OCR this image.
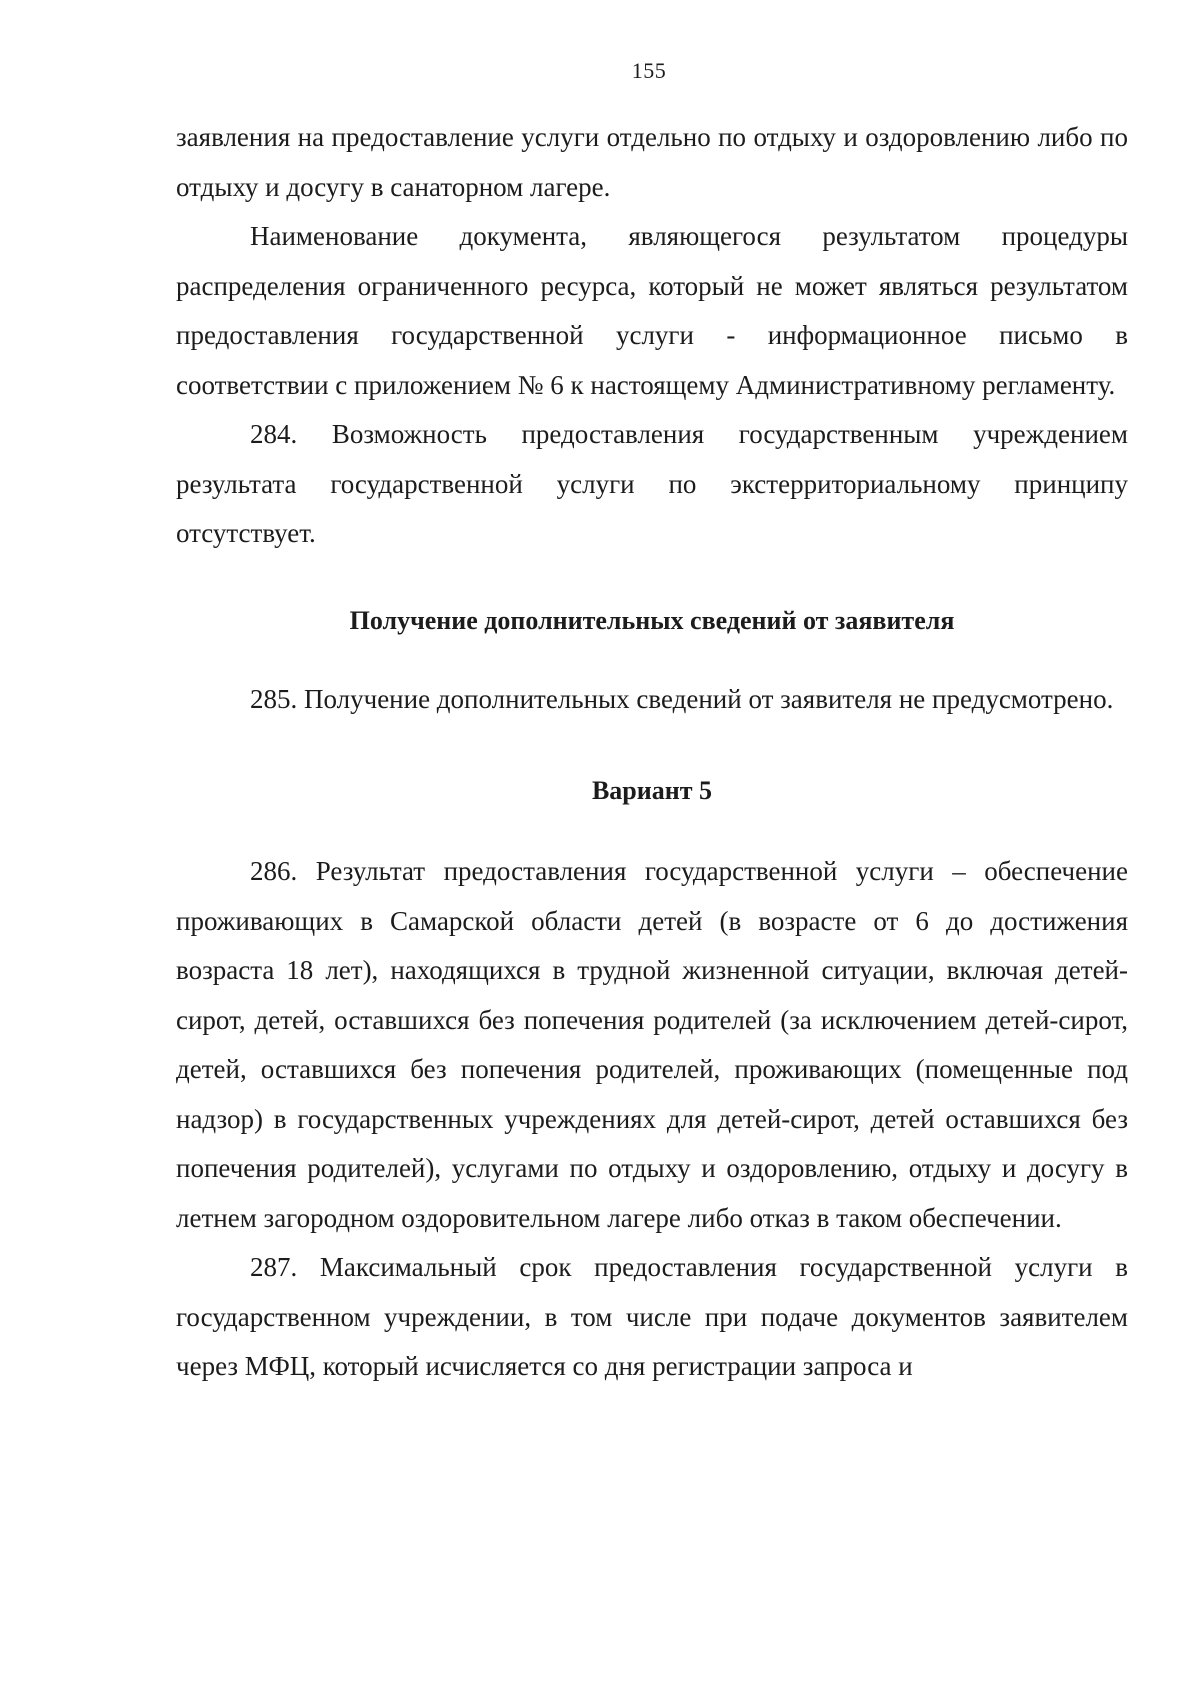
155

заявления на предоставление услуги отдельно по отдыху и оздоровлению либо по отдыху и досугу в санаторном лагере.

Наименование документа, являющегося результатом процедуры распределения ограниченного ресурса, который не может являться результатом предоставления государственной услуги - информационное письмо в соответствии с приложением № 6 к настоящему Административному регламенту.

284. Возможность предоставления государственным учреждением результата государственной услуги по экстерриториальному принципу отсутствует.

Получение дополнительных сведений от заявителя

285. Получение дополнительных сведений от заявителя не предусмотрено.

Вариант 5

286. Результат предоставления государственной услуги – обеспечение проживающих в Самарской области детей (в возрасте от 6 до достижения возраста 18 лет), находящихся в трудной жизненной ситуации, включая детей-сирот, детей, оставшихся без попечения родителей (за исключением детей-сирот, детей, оставшихся без попечения родителей, проживающих (помещенные под надзор) в государственных учреждениях для детей-сирот, детей оставшихся без попечения родителей), услугами по отдыху и оздоровлению, отдыху и досугу в летнем загородном оздоровительном лагере либо отказ в таком обеспечении.

287. Максимальный срок предоставления государственной услуги в государственном учреждении, в том числе при подаче документов заявителем через МФЦ, который исчисляется со дня регистрации запроса и
